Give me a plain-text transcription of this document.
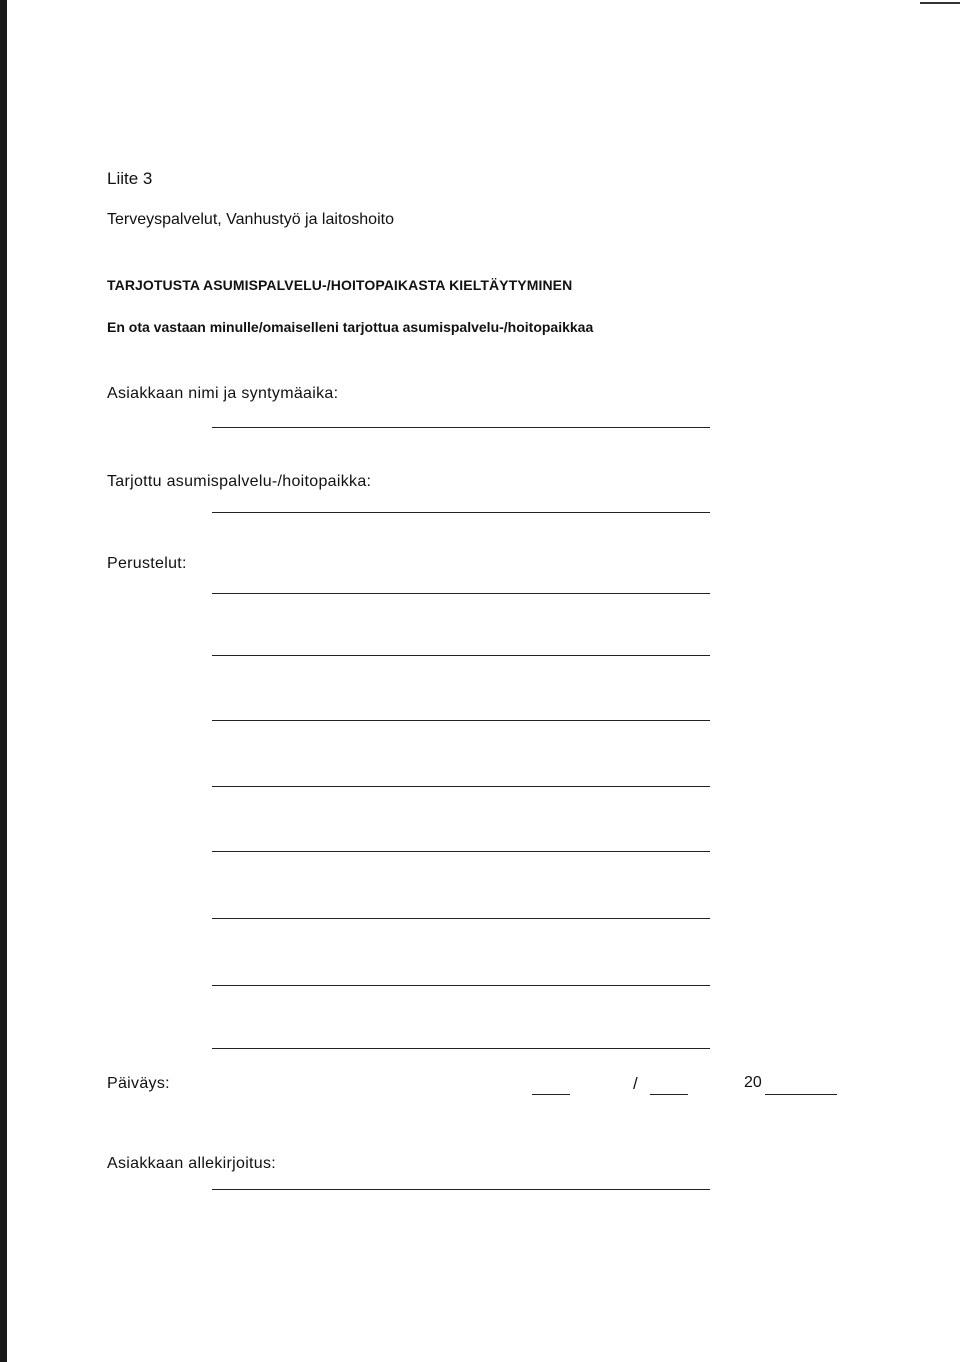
Liite 3
Terveyspalvelut, Vanhustyö ja laitoshoito
TARJOTUSTA ASUMISPALVELU-/HOITOPAIKASTA KIELTÄYTYMINEN
En ota vastaan minulle/omaiselleni tarjottua asumispalvelu-/hoitopaikkaa
Asiakkaan nimi ja syntymäaika:
Tarjottu asumispalvelu-/hoitopaikka:
Perustelut:
Päiväys:	/	20
Asiakkaan allekirjoitus:
